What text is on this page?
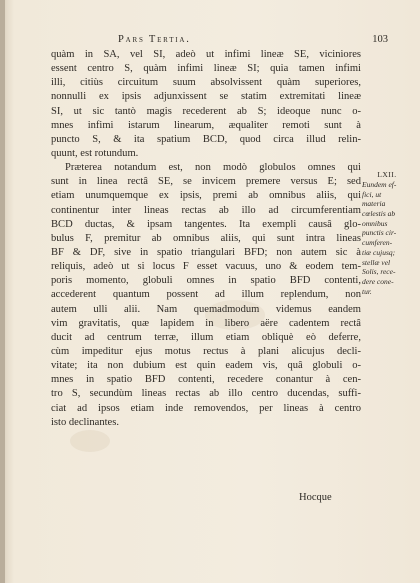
Pars Tertia.	103
quàm in SA, vel SI, adeò ut infimi lineæ SE, viciniores
essent centro S, quàm infimi lineæ SI; quia tamen infimi
illi, citiùs circuitum suum absolvissent quàm superiores,
nonnulli ex ipsis adjunxissent se statim extremitati lineæ
SI, ut sic tantò magis recederent ab S; ideoque nunc o-
mnes infimi istarum linearum, æqualiter remoti sunt à
puncto S, & ita spatium BCD, quod circa illud relin-
quunt, est rotundum.
Præterea notandum est, non modò globulos omnes qui
sunt in linea rectâ SE, se invicem premere versus E; sed
etiam unumquemque ex ipsis, premi ab omnibus aliis, qui
continentur inter lineas rectas ab illo ad circumferentiam
BCD ductas, & ipsam tangentes. Ita exempli causâ glo-
bulus F, premitur ab omnibus aliis, qui sunt intra lineas
BF & DF, sive in spatio triangulari BFD; non autem sic à
reliquis, adeò ut si locus F esset vacuus, uno & eodem tem-
poris momento, globuli omnes in spatio BFD contenti,
accederent quantum possent ad illum replendum, non
autem ulli alii. Nam quemadmodum videmus eandem
vim gravitatis, quæ lapidem in libero aëre cadentem rectâ
ducit ad centrum terræ, illum etiam obliquè eò deferre,
cùm impeditur ejus motus rectus à plani alicujus decli-
vitate; ita non dubium est quin eadem vis, quâ globuli o-
mnes in spatio BFD contenti, recedere conantur à cen-
tro S, secundùm lineas rectas ab illo centro ducendas, suffi-
ciat ad ipsos etiam inde removendos, per lineas à centro
isto declinantes.
LXII.
Eundem ef-
fici, ut
materia
cœlestis ab
omnibus
punctis cir-
cumferen-
tiæ cujusq;
stellæ vel
Solis, rece-
dere cone-
tur.
Hocque
